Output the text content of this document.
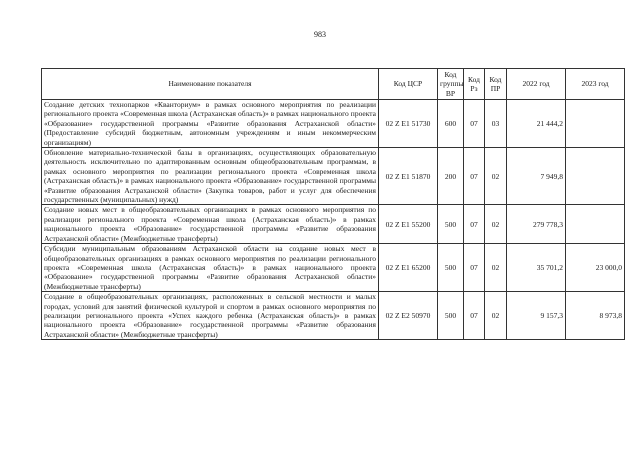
983
Наименование показателя	Код ЦСР	Код группы ВР	Код Рз	Код ПР	2022 год	2023 год
Создание детских технопарков «Кванториум» в рамках основного мероприятия по реализации регионального проекта «Современная школа (Астраханская область)» в рамках национального проекта «Образование» государственной программы «Развитие образования Астраханской области» (Предоставление субсидий бюджетным, автономным учреждениям и иным некоммерческим организациям)	02 Z E1 51730	600	07	03	21 444,2	
Обновление материально-технической базы в организациях, осуществляющих образовательную деятельность исключительно по адаптированным основным общеобразовательным программам, в рамках основного мероприятия по реализации регионального проекта «Современная школа (Астраханская область)» в рамках национального проекта «Образование» государственной программы «Развитие образования Астраханской области» (Закупка товаров, работ и услуг для обеспечения государственных (муниципальных) нужд)	02 Z E1 51870	200	07	02	7 949,8	
Создание новых мест в общеобразовательных организациях в рамках основного мероприятия по реализации регионального проекта «Современная школа (Астраханская область)» в рамках национального проекта «Образование» государственной программы «Развитие образования Астраханской области» (Межбюджетные трансферты)	02 Z E1 55200	500	07	02	279 778,3	
Субсидии муниципальным образованиям Астраханской области на создание новых мест в общеобразовательных организациях в рамках основного мероприятия по реализации регионального проекта «Современная школа (Астраханская область)» в рамках национального проекта «Образование» государственной программы «Развитие образования Астраханской области» (Межбюджетные трансферты)	02 Z E1 65200	500	07	02	35 701,2	23 000,0
Создание в общеобразовательных организациях, расположенных в сельской местности и малых городах, условий для занятий физической культурой и спортом в рамках основного мероприятия по реализации регионального проекта «Успех каждого ребенка (Астраханская область)» в рамках национального проекта «Образование» государственной программы «Развитие образования Астраханской области» (Межбюджетные трансферты)	02 Z E2 50970	500	07	02	9 157,3	8 973,8
